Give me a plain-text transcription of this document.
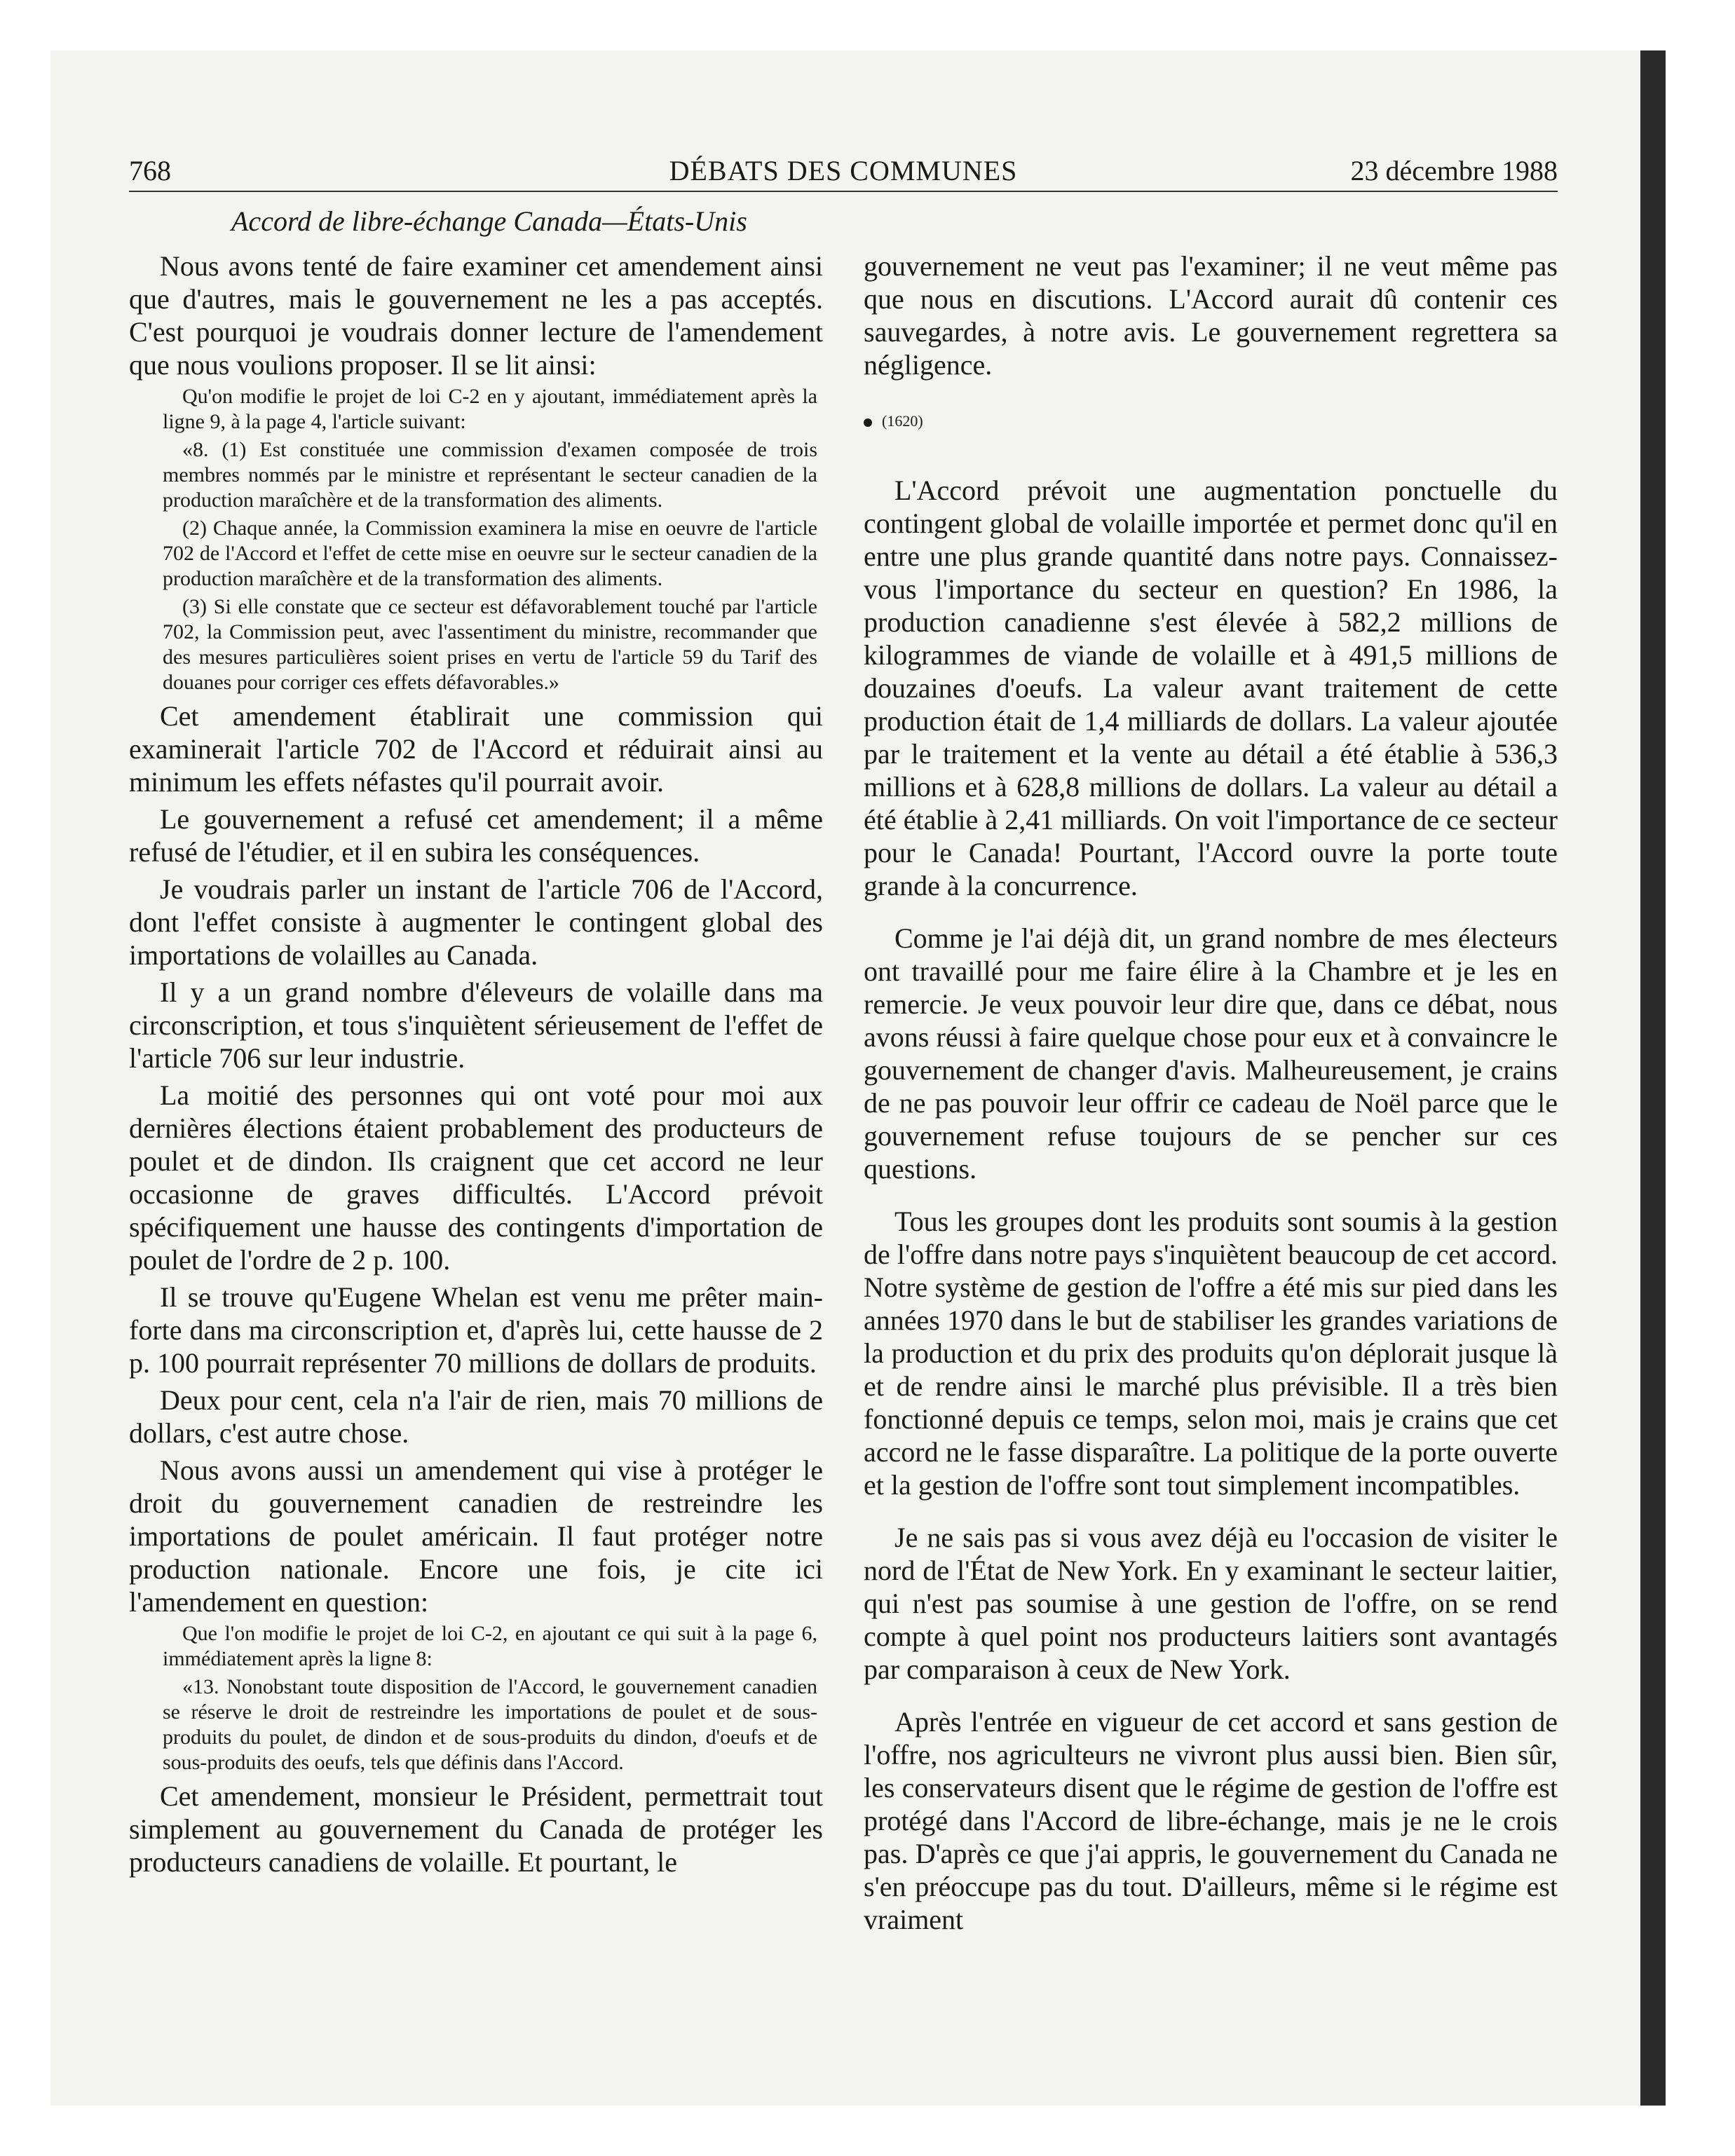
768	DÉBATS DES COMMUNES	23 décembre 1988
Accord de libre-échange Canada—États-Unis

Nous avons tenté de faire examiner cet amendement ainsi que d'autres, mais le gouvernement ne les a pas acceptés. C'est pourquoi je voudrais donner lecture de l'amendement que nous voulions proposer. Il se lit ainsi:

Qu'on modifie le projet de loi C-2 en y ajoutant, immédiatement après la ligne 9, à la page 4, l'article suivant:

«8. (1) Est constituée une commission d'examen composée de trois membres nommés par le ministre et représentant le secteur canadien de la production maraîchère et de la transformation des aliments.

(2) Chaque année, la Commission examinera la mise en oeuvre de l'article 702 de l'Accord et l'effet de cette mise en oeuvre sur le secteur canadien de la production maraîchère et de la transformation des aliments.

(3) Si elle constate que ce secteur est défavorablement touché par l'article 702, la Commission peut, avec l'assentiment du ministre, recommander que des mesures particulières soient prises en vertu de l'article 59 du Tarif des douanes pour corriger ces effets défavorables.»

Cet amendement établirait une commission qui examinerait l'article 702 de l'Accord et réduirait ainsi au minimum les effets néfastes qu'il pourrait avoir.

Le gouvernement a refusé cet amendement; il a même refusé de l'étudier, et il en subira les conséquences.

Je voudrais parler un instant de l'article 706 de l'Accord, dont l'effet consiste à augmenter le contingent global des importations de volailles au Canada.

Il y a un grand nombre d'éleveurs de volaille dans ma circonscription, et tous s'inquiètent sérieusement de l'effet de l'article 706 sur leur industrie.

La moitié des personnes qui ont voté pour moi aux dernières élections étaient probablement des producteurs de poulet et de dindon. Ils craignent que cet accord ne leur occasionne de graves difficultés. L'Accord prévoit spécifiquement une hausse des contingents d'importation de poulet de l'ordre de 2 p. 100.

Il se trouve qu'Eugene Whelan est venu me prêter main-forte dans ma circonscription et, d'après lui, cette hausse de 2 p. 100 pourrait représenter 70 millions de dollars de produits.

Deux pour cent, cela n'a l'air de rien, mais 70 millions de dollars, c'est autre chose.

Nous avons aussi un amendement qui vise à protéger le droit du gouvernement canadien de restreindre les importations de poulet américain. Il faut protéger notre production nationale. Encore une fois, je cite ici l'amendement en question:

Que l'on modifie le projet de loi C-2, en ajoutant ce qui suit à la page 6, immédiatement après la ligne 8:

«13. Nonobstant toute disposition de l'Accord, le gouvernement canadien se réserve le droit de restreindre les importations de poulet et de sous-produits du poulet, de dindon et de sous-produits du dindon, d'oeufs et de sous-produits des oeufs, tels que définis dans l'Accord.

Cet amendement, monsieur le Président, permettrait tout simplement au gouvernement du Canada de protéger les producteurs canadiens de volaille. Et pourtant, le

gouvernement ne veut pas l'examiner; il ne veut même pas que nous en discutions. L'Accord aurait dû contenir ces sauvegardes, à notre avis. Le gouvernement regrettera sa négligence.

(1620)

L'Accord prévoit une augmentation ponctuelle du contingent global de volaille importée et permet donc qu'il en entre une plus grande quantité dans notre pays. Connaissez-vous l'importance du secteur en question? En 1986, la production canadienne s'est élevée à 582,2 millions de kilogrammes de viande de volaille et à 491,5 millions de douzaines d'oeufs. La valeur avant traitement de cette production était de 1,4 milliards de dollars. La valeur ajoutée par le traitement et la vente au détail a été établie à 536,3 millions et à 628,8 millions de dollars. La valeur au détail a été établie à 2,41 milliards. On voit l'importance de ce secteur pour le Canada! Pourtant, l'Accord ouvre la porte toute grande à la concurrence.

Comme je l'ai déjà dit, un grand nombre de mes électeurs ont travaillé pour me faire élire à la Chambre et je les en remercie. Je veux pouvoir leur dire que, dans ce débat, nous avons réussi à faire quelque chose pour eux et à convaincre le gouvernement de changer d'avis. Malheureusement, je crains de ne pas pouvoir leur offrir ce cadeau de Noël parce que le gouvernement refuse toujours de se pencher sur ces questions.

Tous les groupes dont les produits sont soumis à la gestion de l'offre dans notre pays s'inquiètent beaucoup de cet accord. Notre système de gestion de l'offre a été mis sur pied dans les années 1970 dans le but de stabiliser les grandes variations de la production et du prix des produits qu'on déplorait jusque là et de rendre ainsi le marché plus prévisible. Il a très bien fonctionné depuis ce temps, selon moi, mais je crains que cet accord ne le fasse disparaître. La politique de la porte ouverte et la gestion de l'offre sont tout simplement incompatibles.

Je ne sais pas si vous avez déjà eu l'occasion de visiter le nord de l'État de New York. En y examinant le secteur laitier, qui n'est pas soumise à une gestion de l'offre, on se rend compte à quel point nos producteurs laitiers sont avantagés par comparaison à ceux de New York.

Après l'entrée en vigueur de cet accord et sans gestion de l'offre, nos agriculteurs ne vivront plus aussi bien. Bien sûr, les conservateurs disent que le régime de gestion de l'offre est protégé dans l'Accord de libre-échange, mais je ne le crois pas. D'après ce que j'ai appris, le gouvernement du Canada ne s'en préoccupe pas du tout. D'ailleurs, même si le régime est vraiment
